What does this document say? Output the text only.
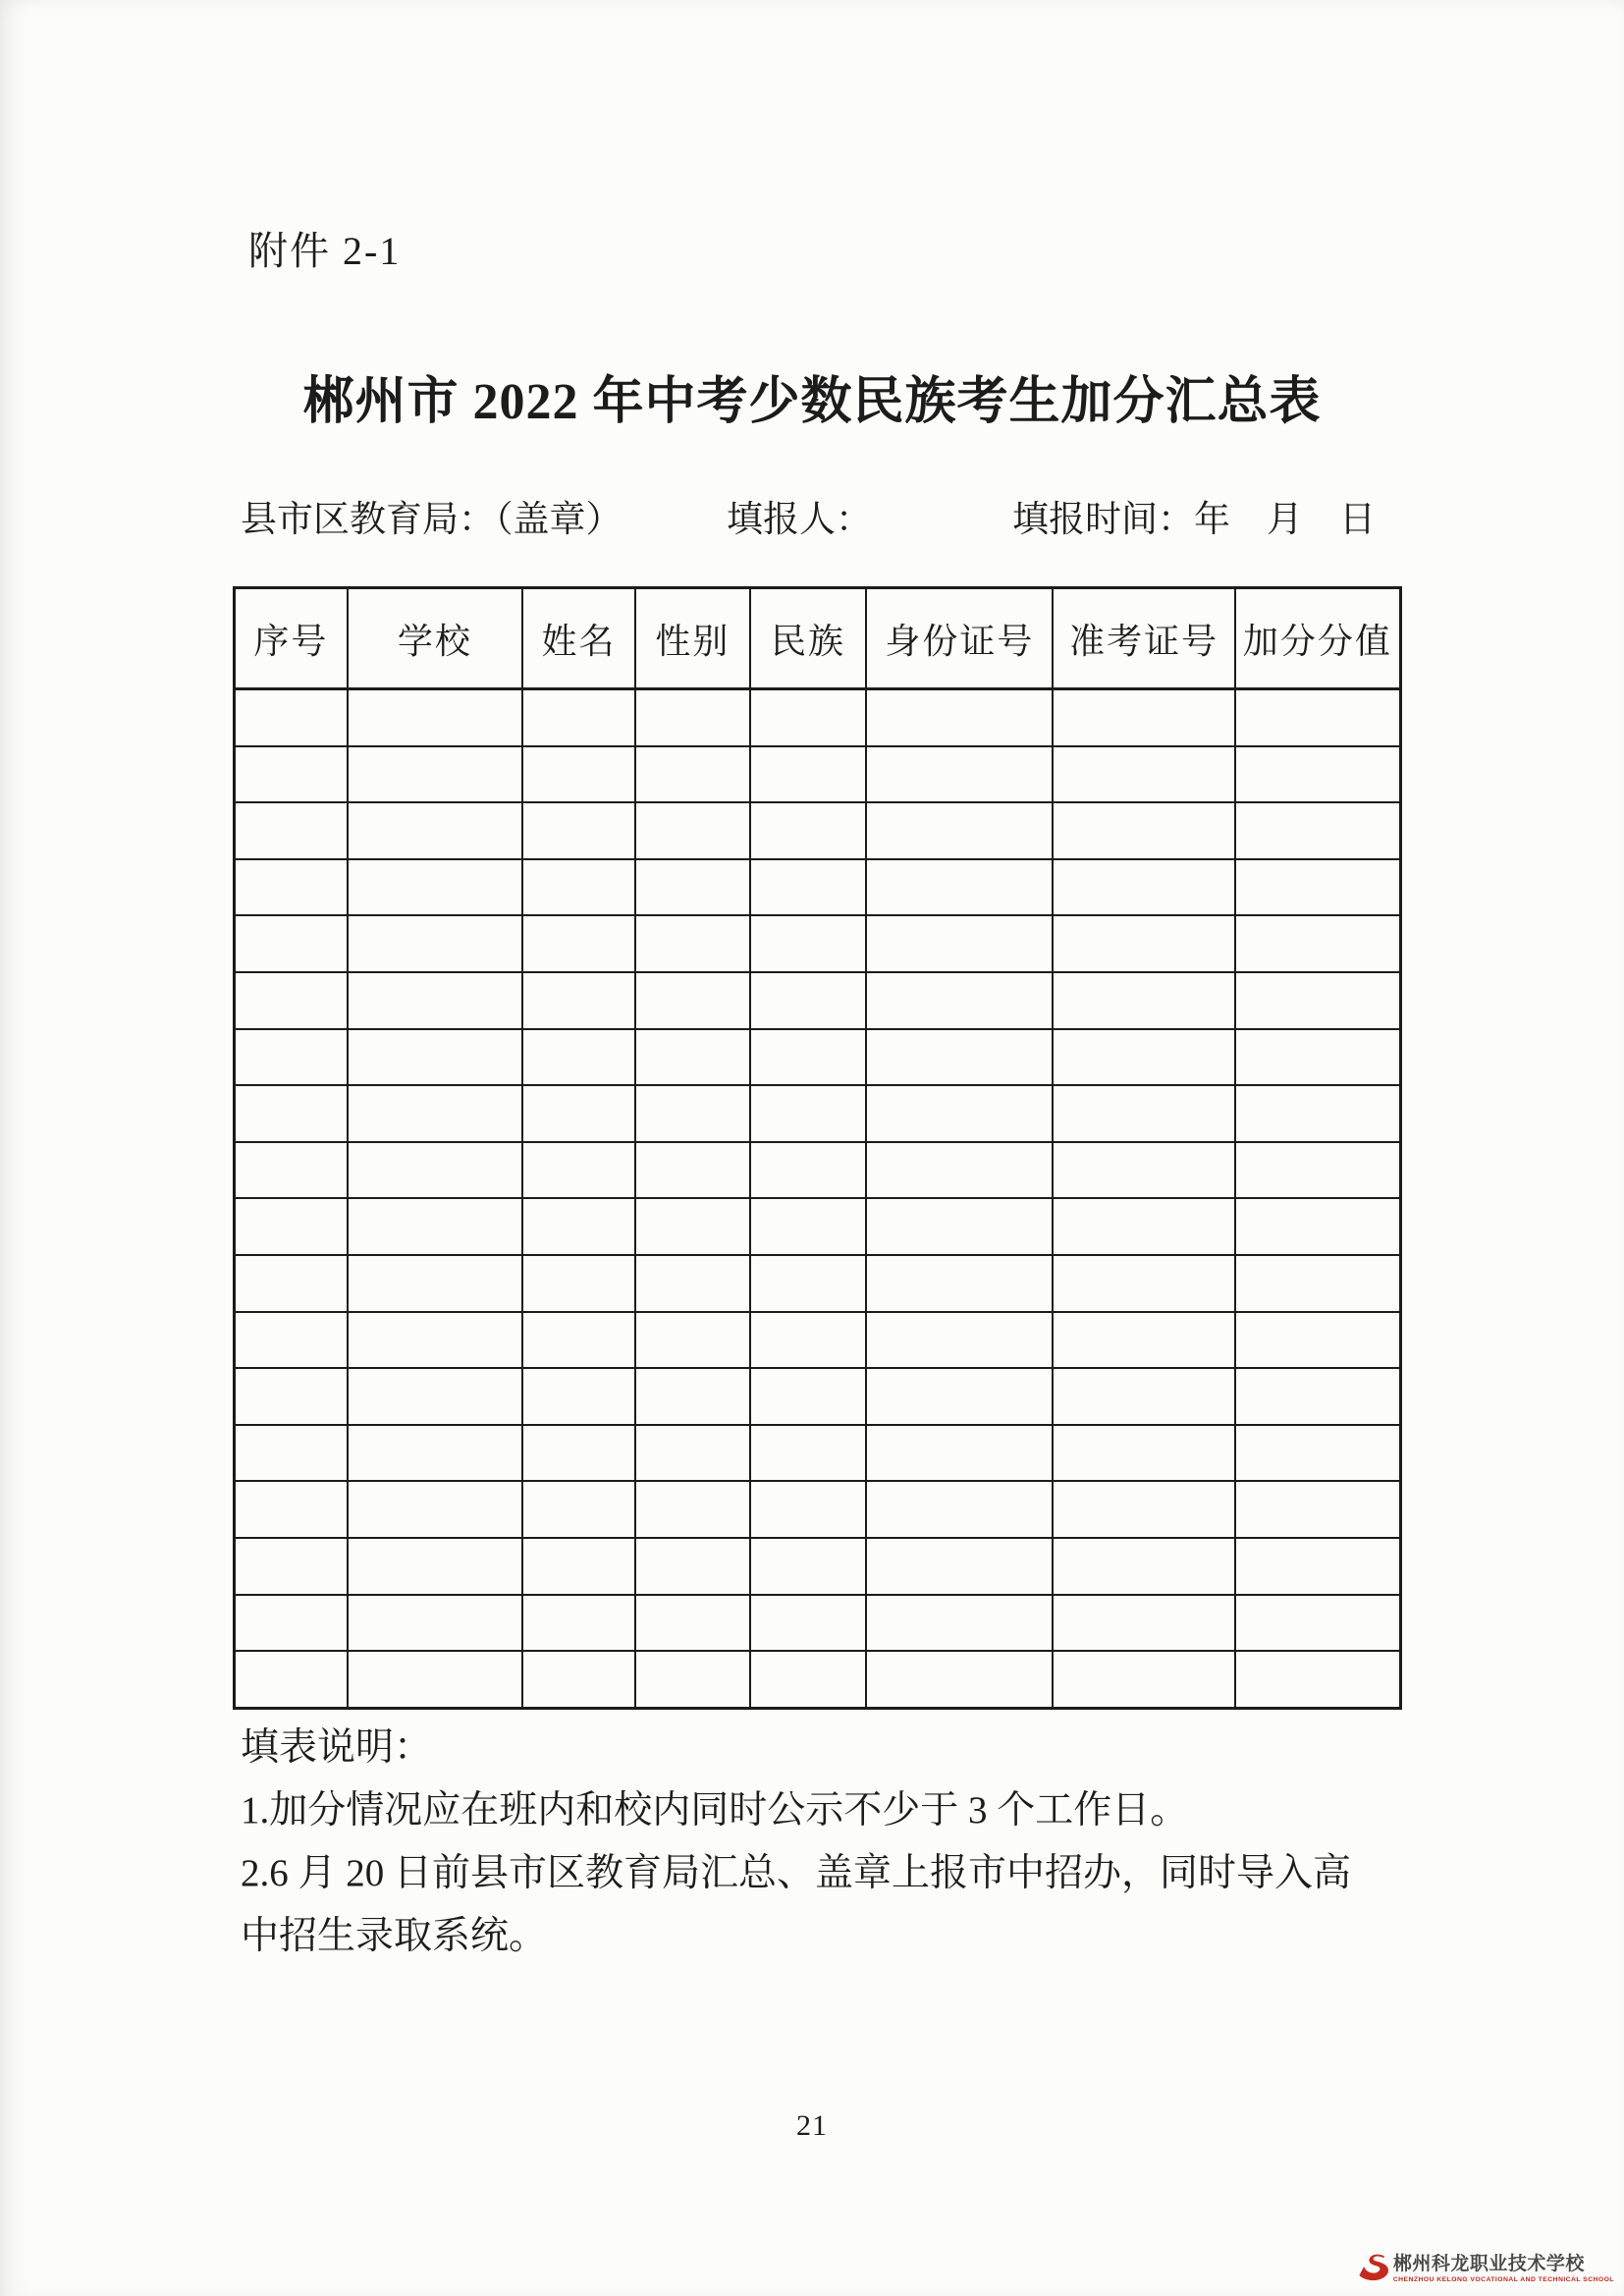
附件 2-1
郴州市 2022 年中考少数民族考生加分汇总表
县市区教育局：（盖章）	填报人：	填报时间：年　月　日
序号	学校	姓名	性别	民族	身份证号	准考证号	加分分值

填表说明：
1.加分情况应在班内和校内同时公示不少于 3 个工作日。
2.6 月 20 日前县市区教育局汇总、盖章上报市中招办，同时导入高中招生录取系统。
21
郴州科龙职业技术学校
CHENZHOU KELONG VOCATIONAL AND TECHNICAL SCHOOL
